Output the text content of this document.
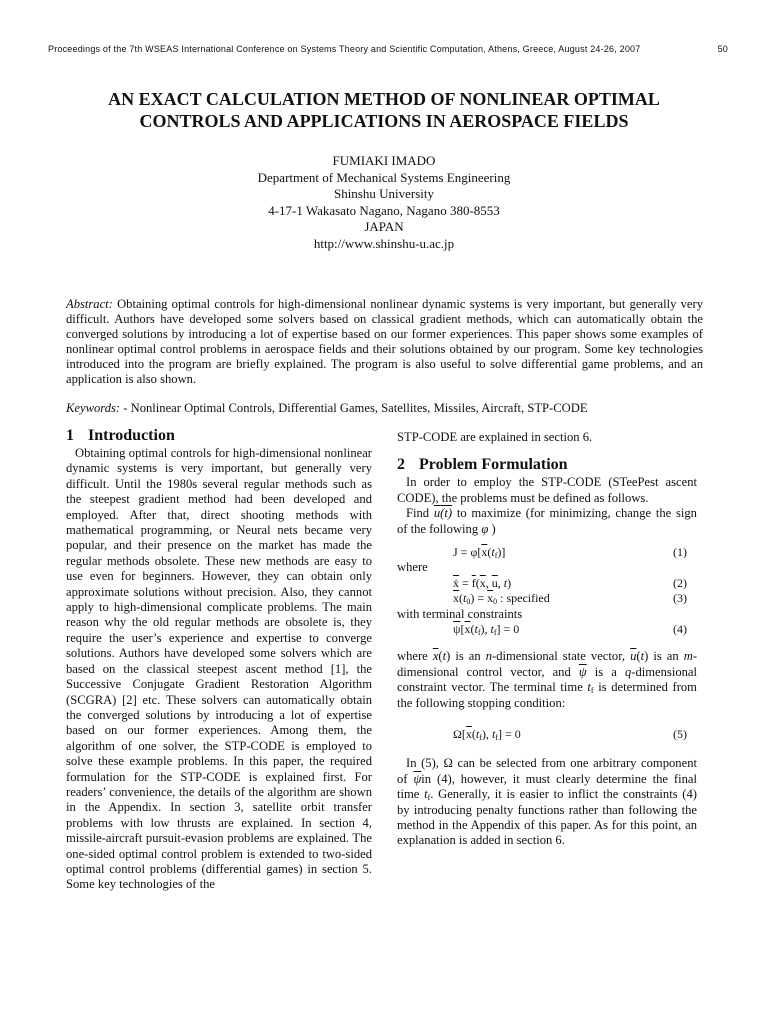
Proceedings of the 7th WSEAS International Conference on Systems Theory and Scientific Computation, Athens, Greece, August 24-26, 2007	50
AN EXACT CALCULATION METHOD OF NONLINEAR OPTIMAL
CONTROLS AND APPLICATIONS IN AEROSPACE FIELDS
FUMIAKI IMADO
Department of Mechanical Systems Engineering
Shinshu University
4-17-1 Wakasato Nagano, Nagano 380-8553
JAPAN
http://www.shinshu-u.ac.jp
Abstract: Obtaining optimal controls for high-dimensional nonlinear dynamic systems is very important, but generally very difficult. Authors have developed some solvers based on classical gradient methods, which can automatically obtain the converged solutions by introducing a lot of expertise based on our former experiences. This paper shows some examples of nonlinear optimal control problems in aerospace fields and their solutions obtained by our program. Some key technologies introduced into the program are briefly explained. The program is also useful to solve differential game problems, and an application is also shown.
Keywords: - Nonlinear Optimal Controls, Differential Games, Satellites, Missiles, Aircraft, STP-CODE
1 Introduction

Obtaining optimal controls for high-dimensional nonlinear dynamic systems is very important, but generally very difficult. Until the 1980s several regular methods such as the steepest gradient method had been developed and employed. After that, direct shooting methods with mathematical programming, or Neural nets became very popular, and their presence on the market has made the regular methods obsolete. These new methods are easy to use even for beginners. However, they can obtain only approximate solutions without precision. Also, they cannot apply to high-dimensional complicate problems. The main reason why the old regular methods are obsolete is, they require the user’s experience and expertise to converge solutions. Authors have developed some solvers which are based on the classical steepest ascent method [1], the Successive Conjugate Gradient Restoration Algorithm (SCGRA) [2] etc. These solvers can automatically obtain the converged solutions by introducing a lot of expertise based on our former experiences. Among them, the algorithm of one solver, the STP-CODE is employed to solve these example problems. In this paper, the required formulation for the STP-CODE is explained first. For readers’ convenience, the details of the algorithm are shown in the Appendix. In section 3, satellite orbit transfer problems with low thrusts are explained. In section 4, missile-aircraft pursuit-evasion problems are explained. The one-sided optimal control problem is extended to two-sided optimal control problems (differential games) in section 5. Some key technologies of the

STP-CODE are explained in section 6.

2 Problem Formulation

In order to employ the STP-CODE (STeePest ascent CODE), the problems must be defined as follows.

Find u(t) to maximize (for minimizing, change the sign of the following φ )

$J = \varphi[\overline{x}(t_f)]$	(1)

where

ẋ = $\overline{f}(\overline{x}$, $\overline{u}$, t)	(2)
$\overline{x}(t_0) = \overline{x}_0$ : specified	(3)

with terminal constraints

$\overline{\psi}[\overline{x}(t_f)$, $t_f] = 0$	(4)

where $\overline{x}(t)$ is an n-dimensional state vector, $\overline{u}(t)$ is an m-dimensional control vector, and $\overline{\psi}$ is a q-dimensional constraint vector. The terminal time $t_f$ is determined from the following stopping condition:

$\Omega[\overline{x}(t_f)$, $t_f] = 0$	(5)

In (5), Ω can be selected from one arbitrary component of $\overline{\psi}in$ (4), however, it must clearly determine the final time $t_f$. Generally, it is easier to inflict the constraints (4) by introducing penalty functions rather than following the method in the Appendix of this paper. As for this point, an explanation is added in section 6.
